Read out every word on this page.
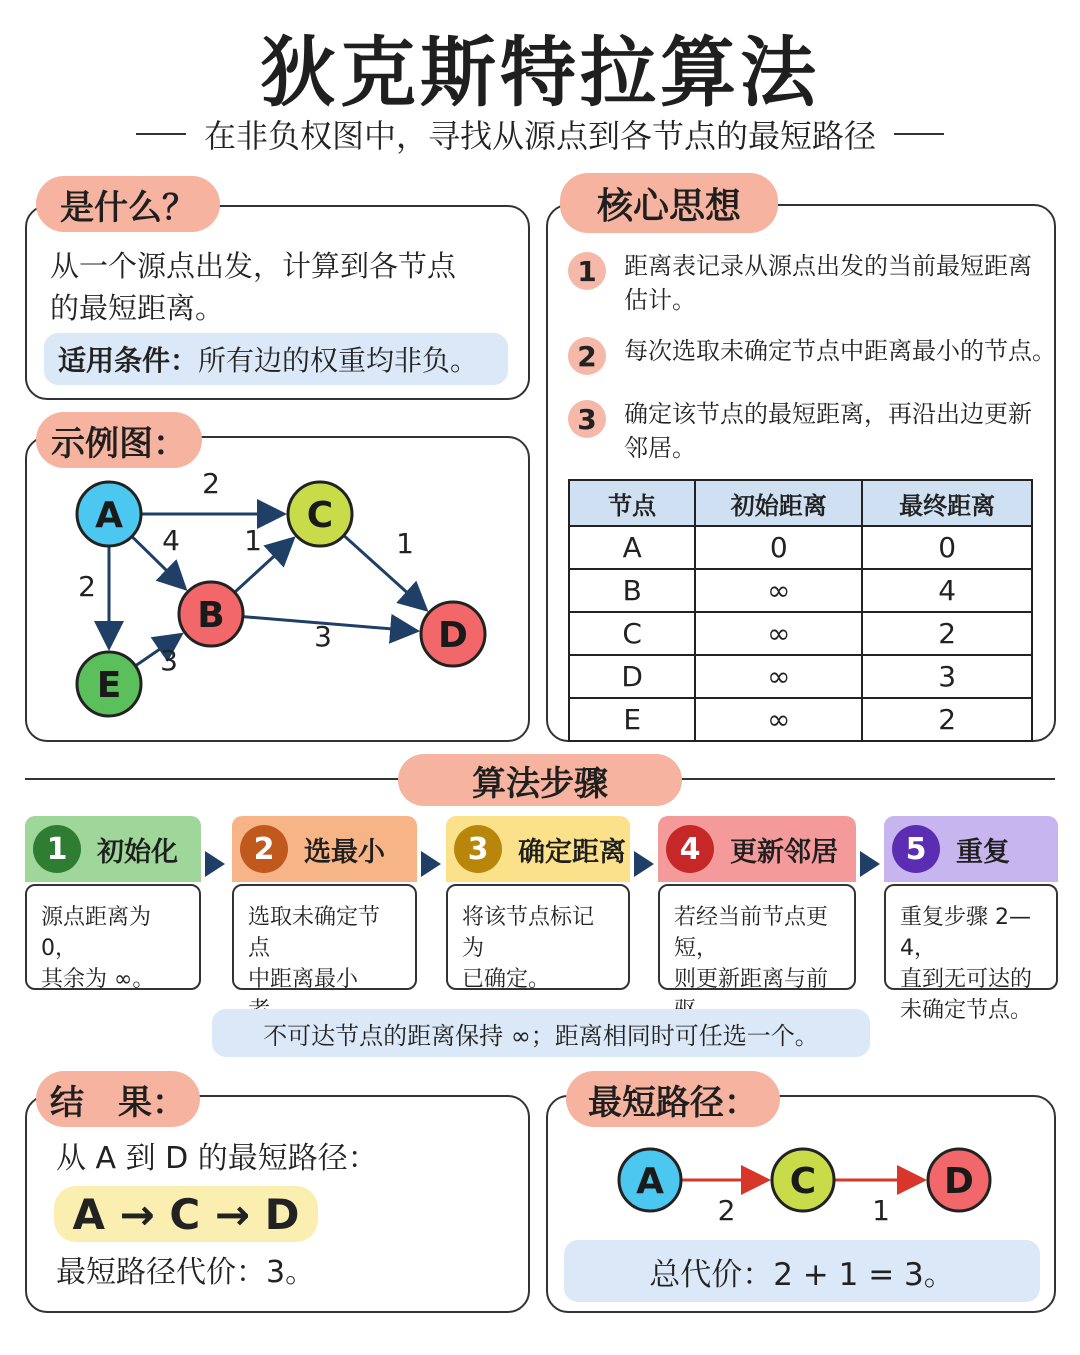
狄克斯特拉算法
在非负权图中，寻找从源点到各节点的最短路径
是什么？
从一个源点出发，计算到各节点
的最短距离。
适用条件： 所有边的权重均非负。
示例图：
2
4
2
1	1
3
3
A
B
C
D
E
核心思想
1	距离表记录从源点出发的当前最短距离
估计。
2	每次选取未确定节点中距离最小的节点。
3	确定该节点的最短距离，再沿出边更新
邻居。
节点	初始距离	最终距离
A	0	0
B	∞	4
C	∞	2
D	∞	3
E	∞	2
算法步骤
1	初始化
源点距离为 0，
其余为 ∞。
2	选最小
选取未确定节点
中距离最小
3	确定距离
将该节点标记为
已确定。
4	更新邻居
若经当前节点更短，
则更新距离与前
5	重复
重复步骤 2—4，
直到无可达的
未确定节点。
不可达节点的距离保持 ∞；距离相同时可任选一个。
结　果：
从 A 到 D 的最短路径：
A → C → D
最短路径代价：3。
最短路径：
2	1
A	C	D
总代价：2 + 1 = 3。
